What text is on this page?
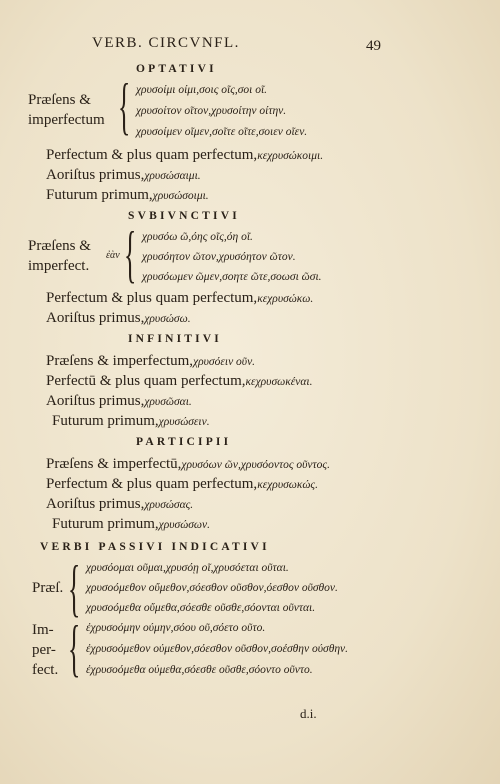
VERB. CIRCVNFL.	49
OPTATIVI
Præſens &
imperfectum { χρυσοίμι οίμι,σοις οῖς,σοι οῖ.
χρυσοίτον οῖτον,χρυσοίτην οίτην.
χρυσοίμεν οῖμεν,σοῖτε οῖτε,σοιεν οῖεν.
Perfectum & plus quam perfectum,κεχρυσώκοιμι.
Aoriſtus primus,χρυσώσαιμι.
Futurum primum,χρυσώσοιμι.
SVBIVNCTIVI
Præſens &
imperfect.
ἐὰν { χρυσόω ῶ,όης οῖς,όη οῖ.
χρυσόητον ῶτον,χρυσόητον ῶτον.
χρυσόωμεν ῶμεν,σοητε ῶτε,σοωσι ῶσι.
Perfectum & plus quam perfectum,κεχρυσώκω.
Aoriſtus primus,χρυσώσω.
INFINITIVI
Præſens & imperfectum,χρυσόειν οῦν.
Perfectū & plus quam perfectum,κεχρυσωκέναι.
Aoriſtus primus,χρυσῶσαι.
Futurum primum,χρυσώσειν.
PARTICIPII
Præſens & imperfectū,χρυσόων ῶν,χρυσόοντος οῦντος.
Perfectum & plus quam perfectum,κεχρυσωκώς.
Aoriſtus primus,χρυσώσας.
Futurum primum,χρυσώσων.
VERBI PASSIVI INDICATIVI
Præſ. { χρυσόομαι οῦμαι,χρυσόῃ οῖ,χρυσόεται οῦται.
χρυσοόμεθον οὔμεθον,σόεσθον οῦσθον,όεσθον οῦσθον.
χρυσοόμεθα οὔμεθα,σόεσθε οῦσθε,σόονται οῦνται.
Im-
per-
fect. { ἐχρυσοόμην ούμην,σόου οῦ,σόετο οῦτο.
ἐχρυσοόμεθον ούμεθον,σόεσθον οῦσθον,σοέσθην ούσθην.
ἐχρυσοόμεθα ούμεθα,σόεσθε οῦσθε,σόοντο οῦντο.
d.i.
